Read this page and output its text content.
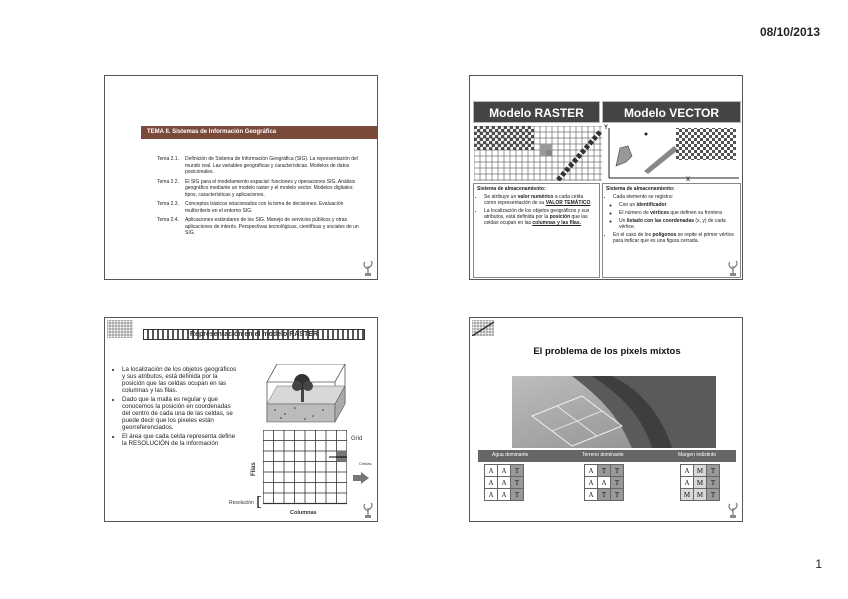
08/10/2013
1
TEMA II. Sistemas de Información Geográfica
Tema 2.1.	Definición de Sistema de Información Geográfica (SIG). La representación del mundo real. Las variables geográficas y características. Modelos de datos posicionales.
Tema 2.2.	El SIG para el modelamiento espacial: funciones y operaciones SIG. Análisis geográfico mediante un modelo raster y el modelo vector. Modelos digitales: tipos, características y aplicaciones.
Tema 2.3.	Conceptos básicos relacionados con la toma de decisiones. Evaluación multicriterio en el entorno SIG.
Tema 2.4.	Aplicaciones estándares de los SIG. Manejo de servicios públicos y otras aplicaciones de interés. Perspectivas tecnológicas, científicas y sociales de un SIG.
Modelo RASTER	Modelo VECTOR
Y
X
Sistema de almacenamiento:
• Se atribuye un valor numérico a cada celda como representación de su VALOR TEMÁTICO.
• La localización de los objetos geográficos y sus atributos, está definida por la posición que las celdas ocupan en las columnas y las filas.
Sistema de almacenamiento:
• Cada elemento se registra:
◦ Con un identificador
◦ El número de vértices que definen su frontera
◦ Un listado con las coordenadas (x, y) de cada vértice.
• En el caso de los polígonos se repite el primer vértice para indicar que es una figura cerrada.
Representación en el modelo RASTER
• La localización de los objetos geográficos y sus atributos, está definida por la posición que las celdas ocupan en las columnas y las filas.
• Dado que la malla es regular y que conocemos la posición en coordenadas del centro de cada una de las celdas, se puede decir que los pixeles están georreferenciados.
• El área que cada celda representa define la RESOLUCIÓN de la información
Grid
Celdas
Filas
Columnas
Resolución
El problema de los pixels mixtos
Agua dominante	Terreno dominante	Margen indistinto
A	A	T
A	A	T
A	A	T
A	T	T
A	A	T
A	T	T
A	M	T
A	M	T
M	M	T
